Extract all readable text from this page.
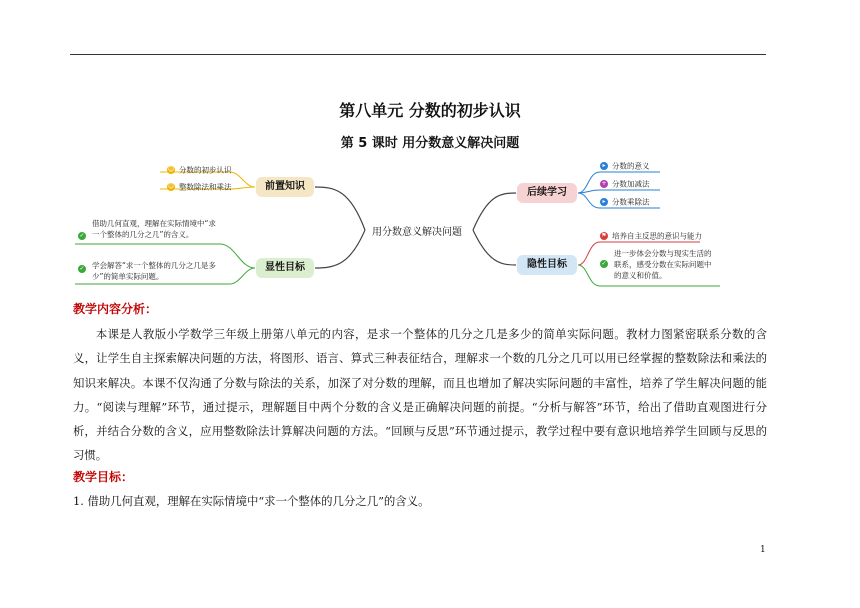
第八单元 分数的初步认识
第 5 课时 用分数意义解决问题
用分数意义解决问题
前置知识
☺ 分数的初步认识
☺ 整数除法和乘法
显性目标
✓
借助几何直观，理解在实际情境中“求
一个整体的几分之几”的含义。
✓ 学会解答“求一个整体的几分之几是多
少”的简单实际问题。
后续学习
▸ 分数的意义
+ 分数加减法
▸ 分数乘除法
隐性目标
⚑ 培养自主反思的意识与能力
✓
进一步体会分数与现实生活的
联系，感受分数在实际问题中
的意义和价值。
教学内容分析：
本课是人教版小学数学三年级上册第八单元的内容，是求一个整体的几分之几是多少的简单实际问题。教材力图紧密联系分数的含义，让学生自主探索解决问题的方法，将图形、语言、算式三种表征结合，理解求一个数的几分之几可以用已经掌握的整数除法和乘法的知识来解决。本课不仅沟通了分数与除法的关系，加深了对分数的理解，而且也增加了解决实际问题的丰富性，培养了学生解决问题的能力。“阅读与理解”环节，通过提示，理解题目中两个分数的含义是正确解决问题的前提。“分析与解答”环节，给出了借助直观图进行分析，并结合分数的含义，应用整数除法计算解决问题的方法。“回顾与反思”环节通过提示，教学过程中要有意识地培养学生回顾与反思的习惯。
教学目标：
1. 借助几何直观，理解在实际情境中“求一个整体的几分之几”的含义。
1
